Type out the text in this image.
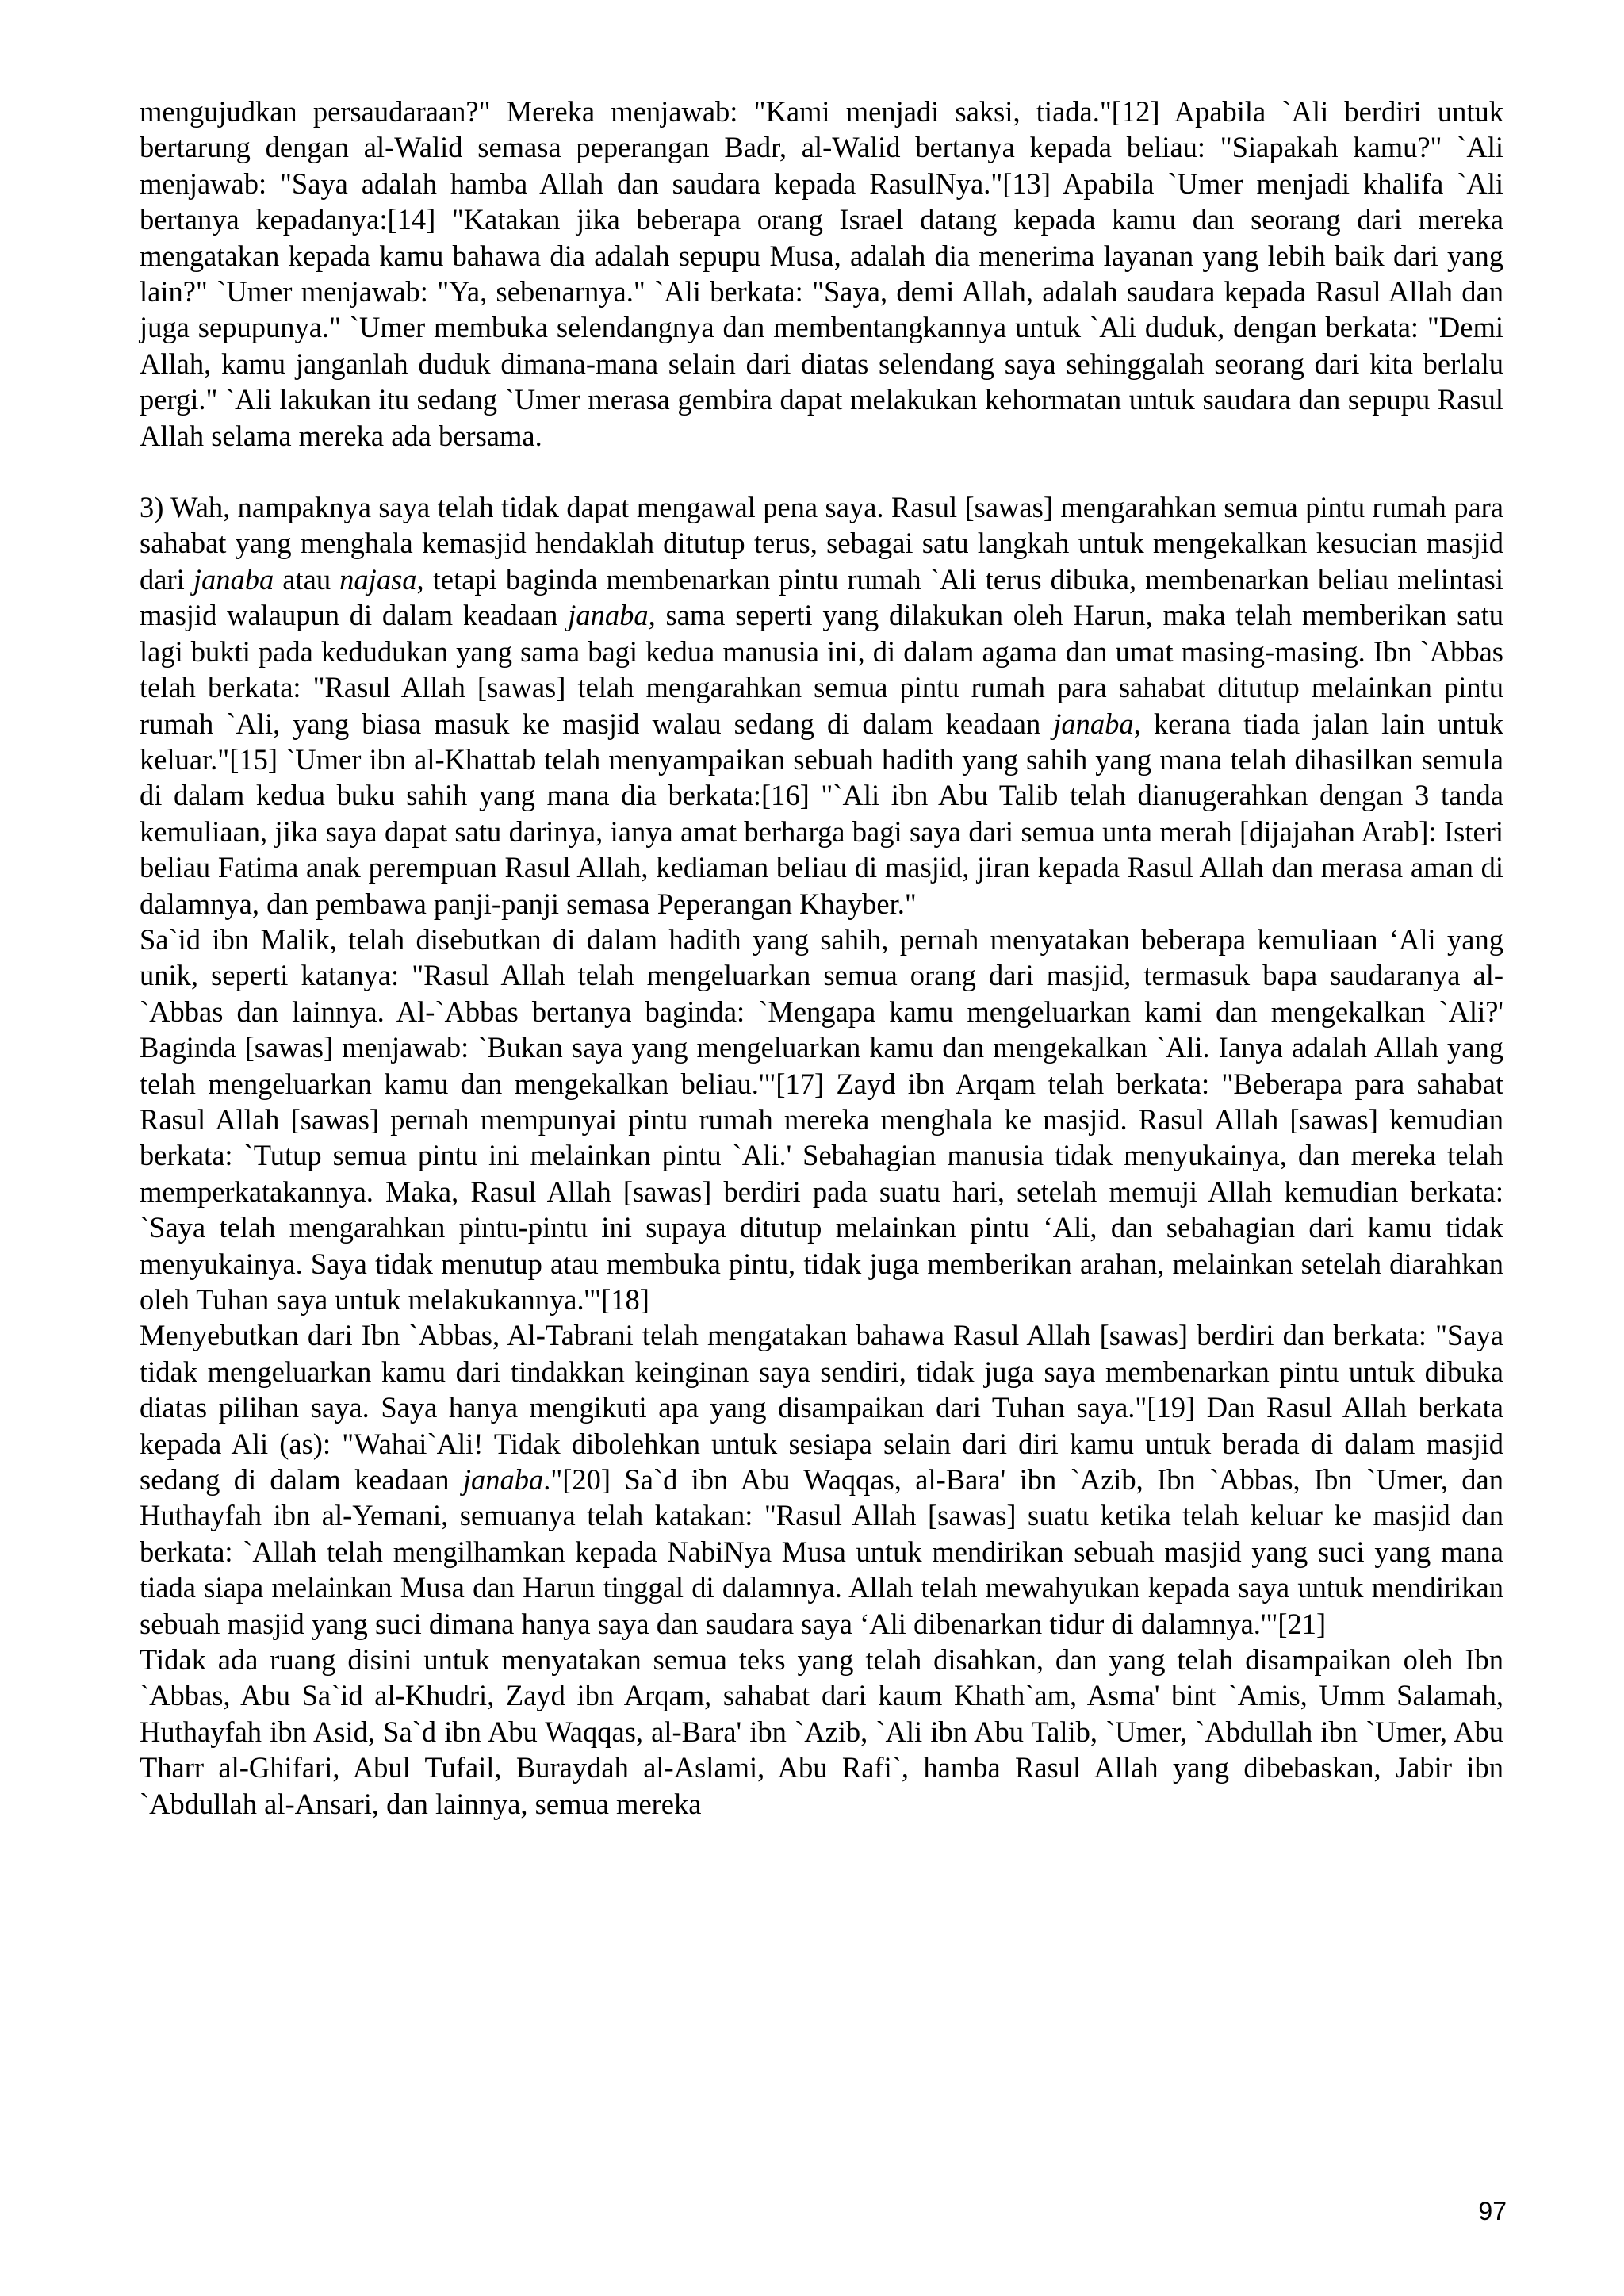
mengujudkan persaudaraan?" Mereka menjawab: "Kami menjadi saksi, tiada."[12] Apabila `Ali berdiri untuk bertarung dengan al-Walid semasa peperangan Badr, al-Walid bertanya kepada beliau: "Siapakah kamu?" `Ali menjawab: "Saya adalah hamba Allah dan saudara kepada RasulNya."[13] Apabila `Umer menjadi khalifa `Ali bertanya kepadanya:[14] "Katakan jika beberapa orang Israel datang kepada kamu dan seorang dari mereka mengatakan kepada kamu bahawa dia adalah sepupu Musa, adalah dia menerima layanan yang lebih baik dari yang lain?" `Umer menjawab: "Ya, sebenarnya." `Ali berkata: "Saya, demi Allah, adalah saudara kepada Rasul Allah dan juga sepupunya." `Umer membuka selendangnya dan membentangkannya untuk `Ali duduk, dengan berkata: "Demi Allah, kamu janganlah duduk dimana-mana selain dari diatas selendang saya sehinggalah seorang dari kita berlalu pergi." `Ali lakukan itu sedang `Umer merasa gembira dapat melakukan kehormatan untuk saudara dan sepupu Rasul Allah selama mereka ada bersama.

3) Wah, nampaknya saya telah tidak dapat mengawal pena saya. Rasul [sawas] mengarahkan semua pintu rumah para sahabat yang menghala kemasjid hendaklah ditutup terus, sebagai satu langkah untuk mengekalkan kesucian masjid dari janaba atau najasa, tetapi baginda membenarkan pintu rumah `Ali terus dibuka, membenarkan beliau melintasi masjid walaupun di dalam keadaan janaba, sama seperti yang dilakukan oleh Harun, maka telah memberikan satu lagi bukti pada kedudukan yang sama bagi kedua manusia ini, di dalam agama dan umat masing-masing. Ibn `Abbas telah berkata: "Rasul Allah [sawas] telah mengarahkan semua pintu rumah para sahabat ditutup melainkan pintu rumah `Ali, yang biasa masuk ke masjid walau sedang di dalam keadaan janaba, kerana tiada jalan lain untuk keluar."[15] `Umer ibn al-Khattab telah menyampaikan sebuah hadith yang sahih yang mana telah dihasilkan semula di dalam kedua buku sahih yang mana dia berkata:[16] "`Ali ibn Abu Talib telah dianugerahkan dengan 3 tanda kemuliaan, jika saya dapat satu darinya, ianya amat berharga bagi saya dari semua unta merah [dijajahan Arab]: Isteri beliau Fatima anak perempuan Rasul Allah, kediaman beliau di masjid, jiran kepada Rasul Allah dan merasa aman di dalamnya, dan pembawa panji-panji semasa Peperangan Khayber."

Sa`id ibn Malik, telah disebutkan di dalam hadith yang sahih, pernah menyatakan beberapa kemuliaan ‘Ali yang unik, seperti katanya: "Rasul Allah telah mengeluarkan semua orang dari masjid, termasuk bapa saudaranya al-`Abbas dan lainnya. Al-`Abbas bertanya baginda: `Mengapa kamu mengeluarkan kami dan mengekalkan `Ali?' Baginda [sawas] menjawab: `Bukan saya yang mengeluarkan kamu dan mengekalkan `Ali. Ianya adalah Allah yang telah mengeluarkan kamu dan mengekalkan beliau.'"[17] Zayd ibn Arqam telah berkata: "Beberapa para sahabat Rasul Allah [sawas] pernah mempunyai pintu rumah mereka menghala ke masjid. Rasul Allah [sawas] kemudian berkata: `Tutup semua pintu ini melainkan pintu `Ali.' Sebahagian manusia tidak menyukainya, dan mereka telah memperkatakannya. Maka, Rasul Allah [sawas] berdiri pada suatu hari, setelah memuji Allah kemudian berkata: `Saya telah mengarahkan pintu-pintu ini supaya ditutup melainkan pintu ‘Ali, dan sebahagian dari kamu tidak menyukainya. Saya tidak menutup atau membuka pintu, tidak juga memberikan arahan, melainkan setelah diarahkan oleh Tuhan saya untuk melakukannya.'"[18]

Menyebutkan dari Ibn `Abbas, Al-Tabrani telah mengatakan bahawa Rasul Allah [sawas] berdiri dan berkata: "Saya tidak mengeluarkan kamu dari tindakkan keinginan saya sendiri, tidak juga saya membenarkan pintu untuk dibuka diatas pilihan saya. Saya hanya mengikuti apa yang disampaikan dari Tuhan saya."[19] Dan Rasul Allah berkata kepada Ali (as): "Wahai`Ali! Tidak dibolehkan untuk sesiapa selain dari diri kamu untuk berada di dalam masjid sedang di dalam keadaan janaba."[20] Sa`d ibn Abu Waqqas, al-Bara' ibn `Azib, Ibn `Abbas, Ibn `Umer, dan Huthayfah ibn al-Yemani, semuanya telah katakan: "Rasul Allah [sawas] suatu ketika telah keluar ke masjid dan berkata: `Allah telah mengilhamkan kepada NabiNya Musa untuk mendirikan sebuah masjid yang suci yang mana tiada siapa melainkan Musa dan Harun tinggal di dalamnya. Allah telah mewahyukan kepada saya untuk mendirikan sebuah masjid yang suci dimana hanya saya dan saudara saya ‘Ali dibenarkan tidur di dalamnya.'"[21]

Tidak ada ruang disini untuk menyatakan semua teks yang telah disahkan, dan yang telah disampaikan oleh Ibn `Abbas, Abu Sa`id al-Khudri, Zayd ibn Arqam, sahabat dari kaum Khath`am, Asma' bint `Amis, Umm Salamah, Huthayfah ibn Asid, Sa`d ibn Abu Waqqas, al-Bara' ibn `Azib, `Ali ibn Abu Talib, `Umer, `Abdullah ibn `Umer, Abu Tharr al-Ghifari, Abul Tufail, Buraydah al-Aslami, Abu Rafi`, hamba Rasul Allah yang dibebaskan, Jabir ibn `Abdullah al-Ansari, dan lainnya, semua mereka

97
